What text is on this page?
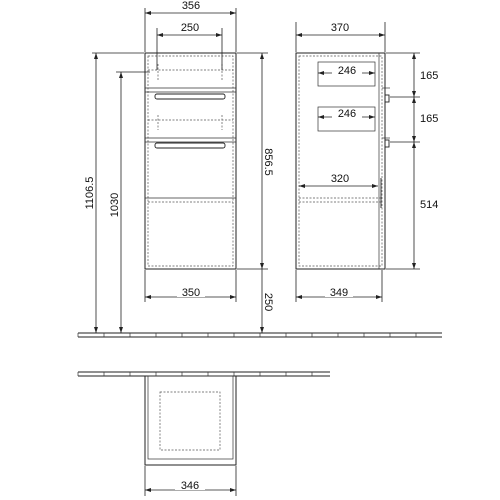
356
250
350
856.5
250
1106.5 1030
370
246
246
320
349
165
165
514
346
